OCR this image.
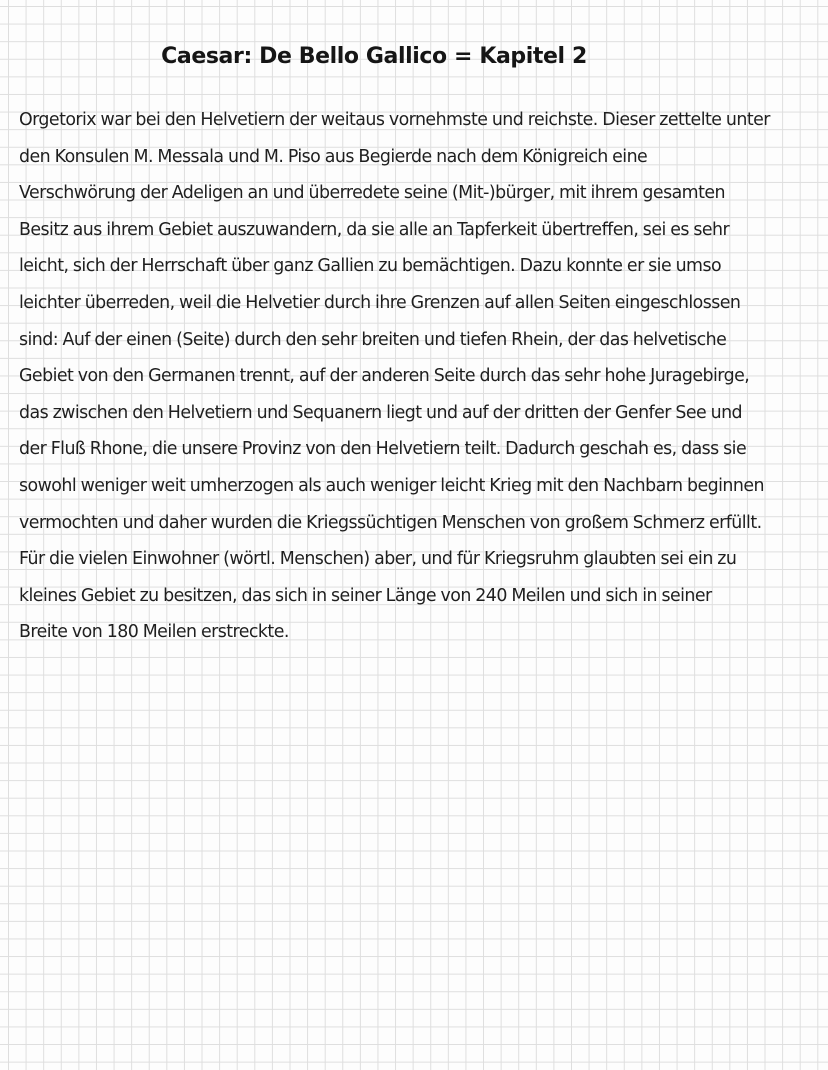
Caesar: De Bello Gallico = Kapitel 2
Orgetorix war bei den Helvetiern der weitaus vornehmste und reichste. Dieser zettelte unter
den Konsulen M. Messala und M. Piso aus Begierde nach dem Königreich eine
Verschwörung der Adeligen an und überredete seine (Mit-)bürger, mit ihrem gesamten
Besitz aus ihrem Gebiet auszuwandern, da sie alle an Tapferkeit übertreffen, sei es sehr
leicht, sich der Herrschaft über ganz Gallien zu bemächtigen. Dazu konnte er sie umso
leichter überreden, weil die Helvetier durch ihre Grenzen auf allen Seiten eingeschlossen
sind: Auf der einen (Seite) durch den sehr breiten und tiefen Rhein, der das helvetische
Gebiet von den Germanen trennt, auf der anderen Seite durch das sehr hohe Juragebirge,
das zwischen den Helvetiern und Sequanern liegt und auf der dritten der Genfer See und
der Fluß Rhone, die unsere Provinz von den Helvetiern teilt. Dadurch geschah es, dass sie
sowohl weniger weit umherzogen als auch weniger leicht Krieg mit den Nachbarn beginnen
vermochten und daher wurden die Kriegssüchtigen Menschen von großem Schmerz erfüllt.
Für die vielen Einwohner (wörtl. Menschen) aber, und für Kriegsruhm glaubten sei ein zu
kleines Gebiet zu besitzen, das sich in seiner Länge von 240 Meilen und sich in seiner
Breite von 180 Meilen erstreckte.
